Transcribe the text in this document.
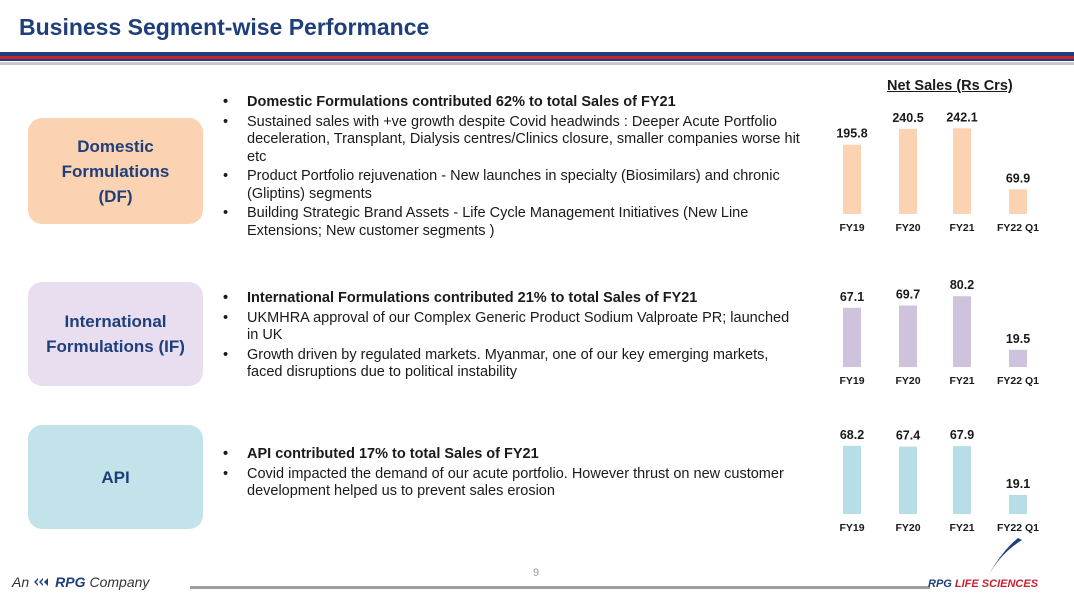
Business Segment-wise Performance
Domestic
Formulations
(DF)
• Domestic Formulations contributed 62% to total Sales of FY21
• Sustained sales with +ve growth despite Covid headwinds : Deeper Acute Portfolio deceleration, Transplant, Dialysis centres/Clinics closure, smaller companies worse hit etc
• Product Portfolio rejuvenation - New launches in specialty (Biosimilars) and chronic (Gliptins) segments
• Building Strategic Brand Assets - Life Cycle Management Initiatives (New Line Extensions; New customer segments )
International
Formulations (IF)
• International Formulations contributed 21% to total Sales of FY21
• UKMHRA approval of our Complex Generic Product Sodium Valproate PR; launched in UK
• Growth driven by regulated markets. Myanmar, one of our key emerging markets, faced disruptions due to political instability
API
• API contributed 17% to total Sales of FY21
• Covid impacted the demand of our acute portfolio. However thrust on new customer development helped us to prevent sales erosion
Net Sales (Rs Crs)
195.8
FY19
240.5
FY20
242.1
FY21
69.9
FY22 Q1
67.1
FY19
69.7
FY20
80.2
FY21
19.5
FY22 Q1
68.2
FY19
67.4
FY20
67.9
FY21
19.1
FY22 Q1
An RPG Company
9
RPG LIFE SCIENCES
